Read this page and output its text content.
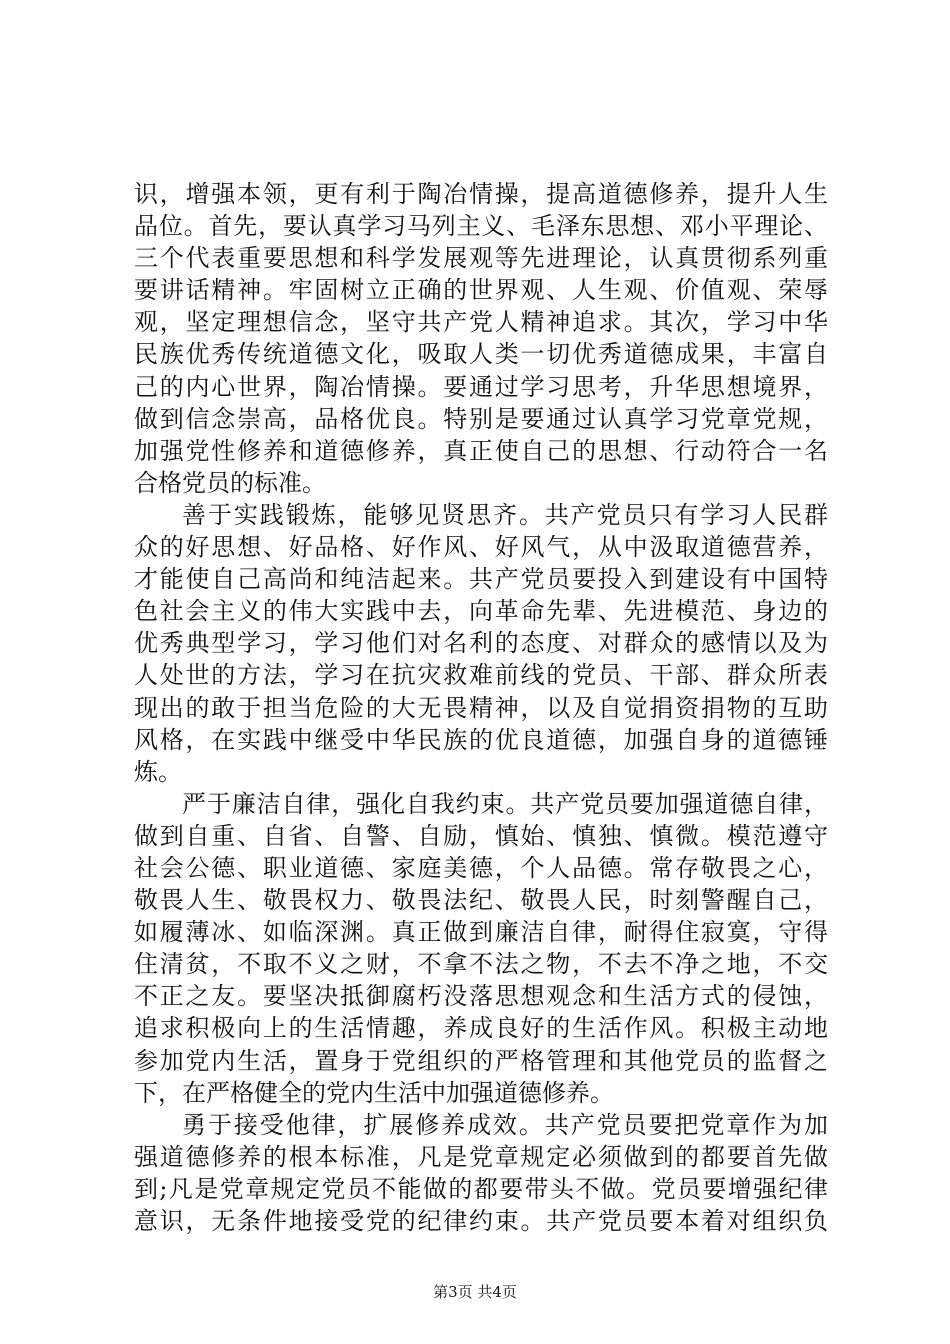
识，增强本领，更有利于陶冶情操，提高道德修养，提升人生
品位。首先，要认真学习马列主义、毛泽东思想、邓小平理论、
三个代表重要思想和科学发展观等先进理论，认真贯彻系列重
要讲话精神。牢固树立正确的世界观、人生观、价值观、荣辱
观，坚定理想信念，坚守共产党人精神追求。其次，学习中华
民族优秀传统道德文化，吸取人类一切优秀道德成果，丰富自
己的内心世界，陶冶情操。要通过学习思考，升华思想境界，
做到信念崇高，品格优良。特别是要通过认真学习党章党规，
加强党性修养和道德修养，真正使自己的思想、行动符合一名
合格党员的标准。
善于实践锻炼，能够见贤思齐。共产党员只有学习人民群
众的好思想、好品格、好作风、好风气，从中汲取道德营养，
才能使自己高尚和纯洁起来。共产党员要投入到建设有中国特
色社会主义的伟大实践中去，向革命先辈、先进模范、身边的
优秀典型学习，学习他们对名利的态度、对群众的感情以及为
人处世的方法，学习在抗灾救难前线的党员、干部、群众所表
现出的敢于担当危险的大无畏精神，以及自觉捐资捐物的互助
风格，在实践中继受中华民族的优良道德，加强自身的道德锤
炼。
严于廉洁自律，强化自我约束。共产党员要加强道德自律，
做到自重、自省、自警、自励，慎始、慎独、慎微。模范遵守
社会公德、职业道德、家庭美德，个人品德。常存敬畏之心，
敬畏人生、敬畏权力、敬畏法纪、敬畏人民，时刻警醒自己，
如履薄冰、如临深渊。真正做到廉洁自律，耐得住寂寞，守得
住清贫，不取不义之财，不拿不法之物，不去不净之地，不交
不正之友。要坚决抵御腐朽没落思想观念和生活方式的侵蚀，
追求积极向上的生活情趣，养成良好的生活作风。积极主动地
参加党内生活，置身于党组织的严格管理和其他党员的监督之
下，在严格健全的党内生活中加强道德修养。
勇于接受他律，扩展修养成效。共产党员要把党章作为加
强道德修养的根本标准，凡是党章规定必须做到的都要首先做
到;凡是党章规定党员不能做的都要带头不做。党员要增强纪律
意识，无条件地接受党的纪律约束。共产党员要本着对组织负
第3页 共4页
